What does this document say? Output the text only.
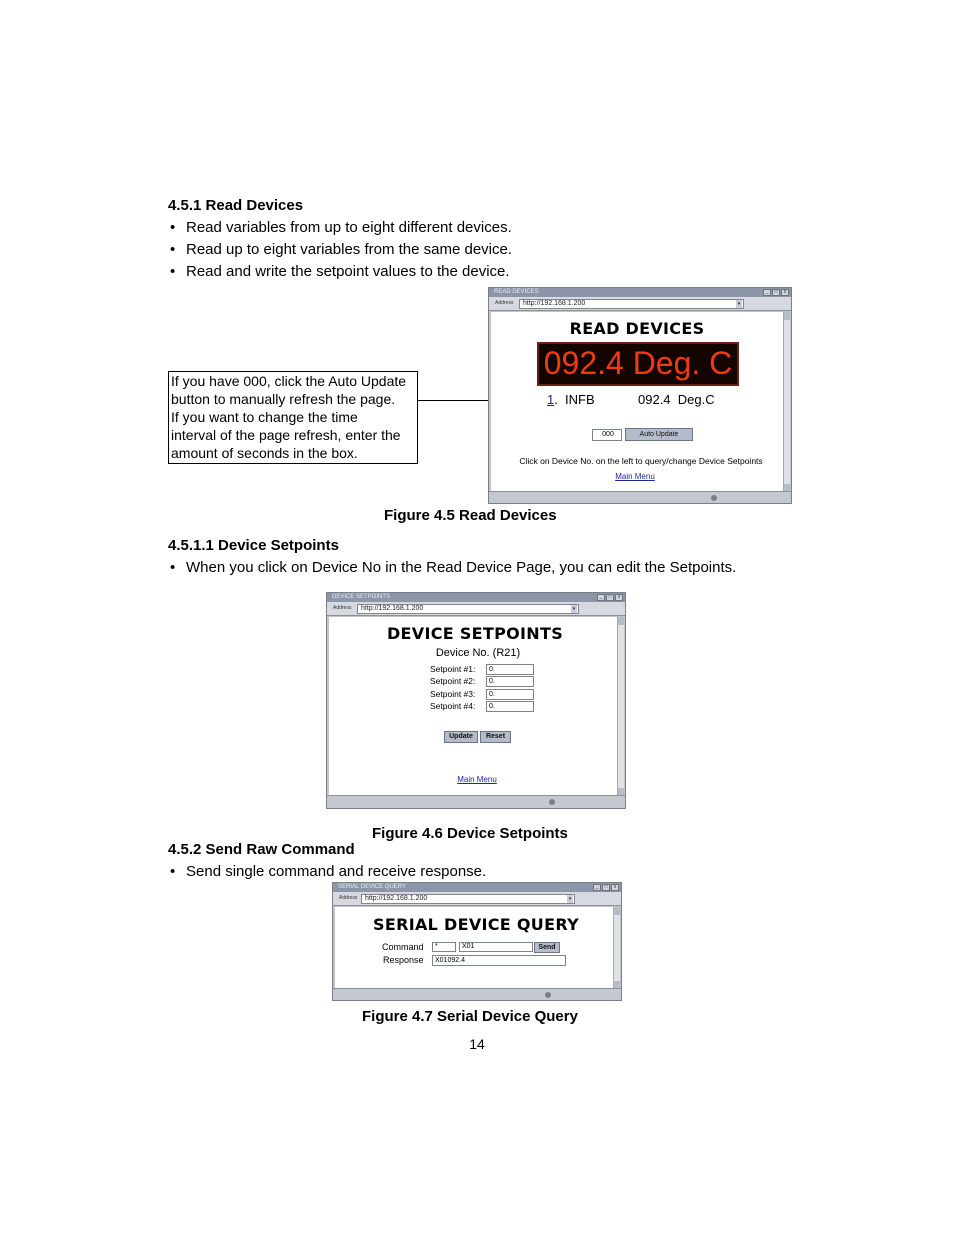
4.5.1 Read Devices
• Read variables from up to eight different devices.
• Read up to eight variables from the same device.
• Read and write the setpoint values to the device.
If you have 000, click the Auto Update
button to manually refresh the page.
If you want to change the time
interval of the page refresh, enter the
amount of seconds in the box.
READ DEVICES	_	□	x
Address	http://192.168.1.200	▾
READ DEVICES
092.4 Deg. C
1. INFB	092.4  Deg.C
000	Auto Update
Click on Device No. on the left to query/change Device Setpoints
Main Menu
Figure 4.5 Read Devices
4.5.1.1 Device Setpoints
• When you click on Device No in the Read Device Page, you can edit the Setpoints.
DEVICE SETPOINTS	_	□	x
Address	http://192.168.1.200	▾
DEVICE SETPOINTS
Device No. (R21)
Setpoint #1:	0.
Setpoint #2:	0.
Setpoint #3:	0.
Setpoint #4:	0.
Update	Reset
Main Menu
Figure 4.6 Device Setpoints
4.5.2 Send Raw Command
• Send single command and receive response.
SERIAL DEVICE QUERY	_	□	x
Address	http://192.168.1.200	▾
SERIAL DEVICE QUERY
Command	*	X01	Send
Response	X01092.4
Figure 4.7 Serial Device Query
14
